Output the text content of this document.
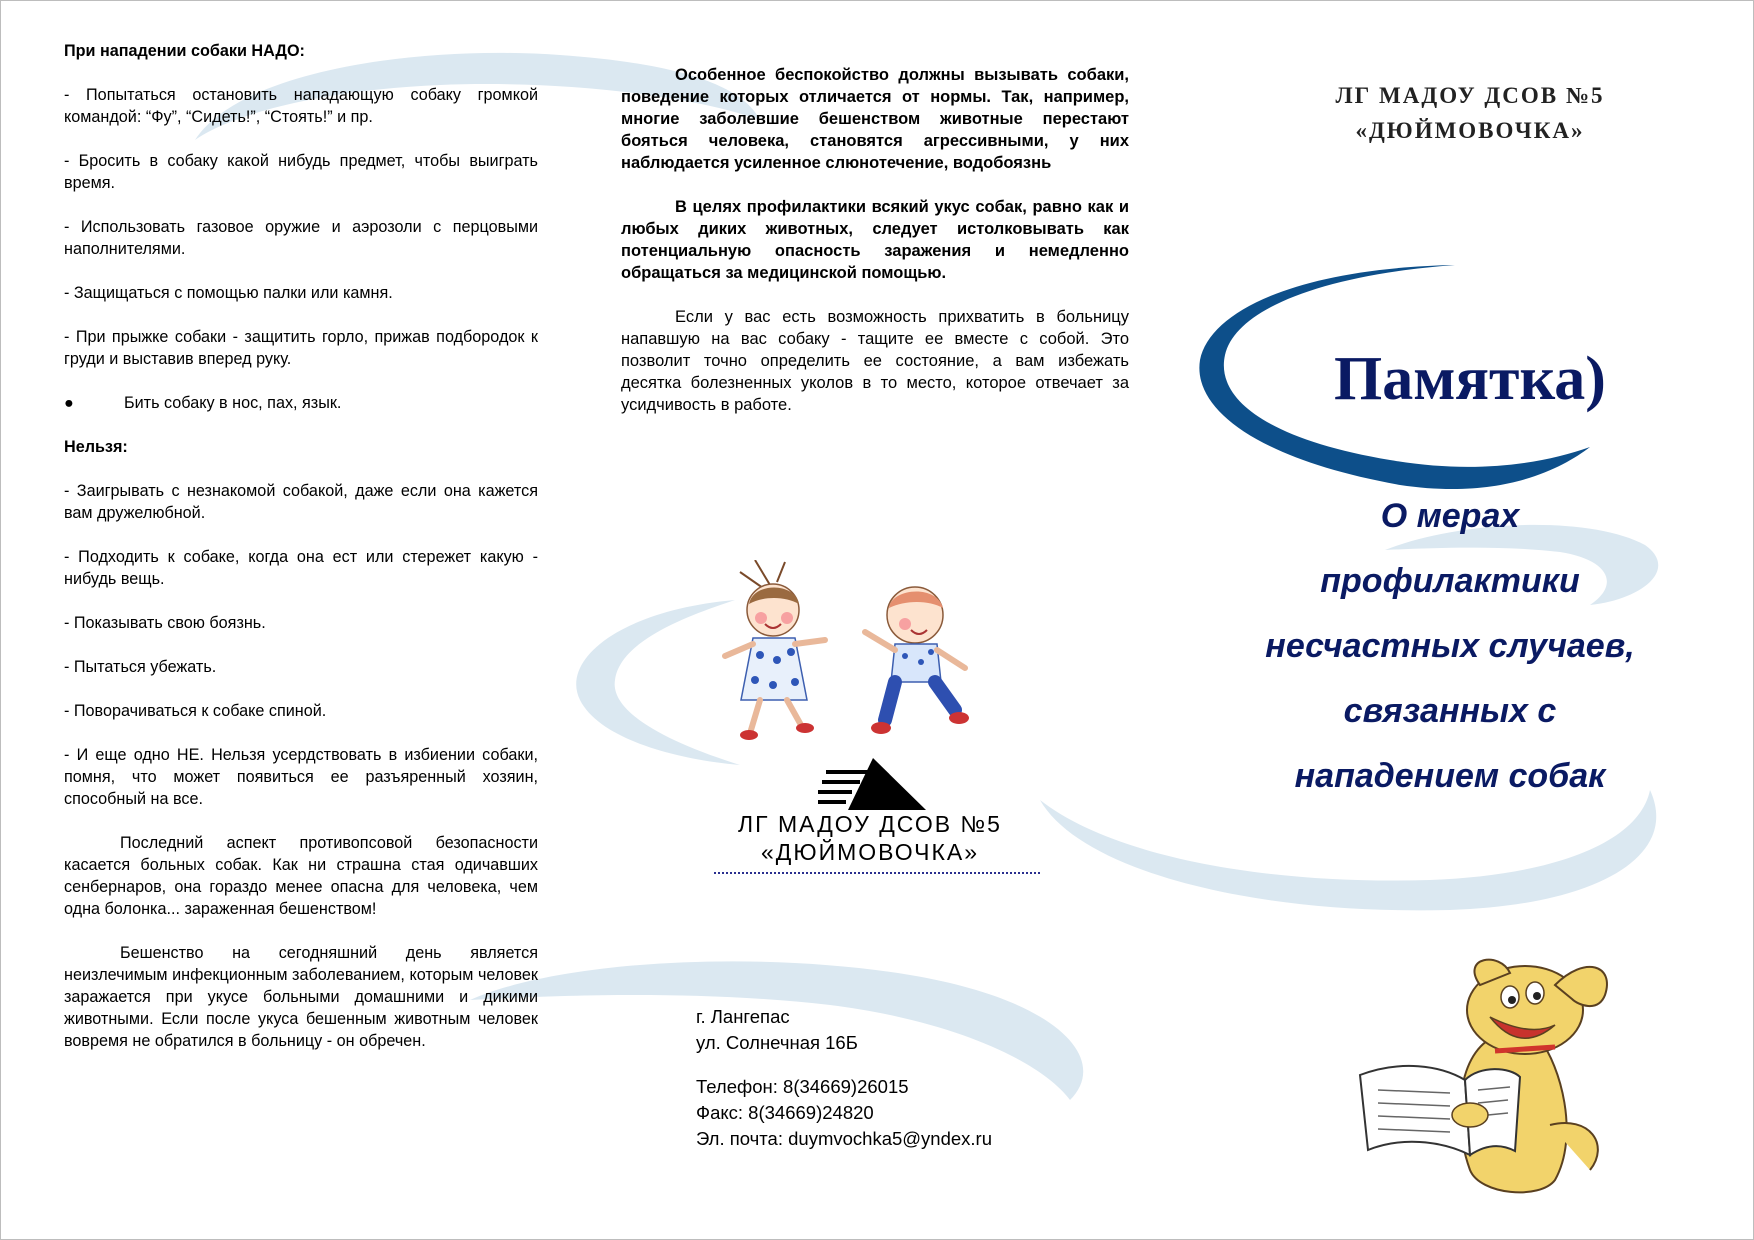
При нападении собаки НАДО:

- Попытаться остановить нападающую собаку громкой командой: “Фу”, “Сидеть!”, “Стоять!” и пр.

- Бросить в собаку какой нибудь предмет, чтобы выиграть время.

- Использовать газовое оружие и аэрозоли с перцовыми наполнителями.

- Защищаться с помощью палки или камня.

- При прыжке собаки - защитить горло, прижав подбородок к груди и выставив вперед руку.

●	Бить собаку в нос, пах, язык.

Нельзя:

- Заигрывать с незнакомой собакой, даже если она кажется вам дружелюбной.

- Подходить к собаке, когда она ест или стережет какую - нибудь вещь.

- Показывать свою боязнь.

- Пытаться убежать.

- Поворачиваться к собаке спиной.

- И еще одно НЕ. Нельзя усердствовать в избиении собаки, помня, что может появиться ее разъяренный хозяин, способный на все.

Последний аспект противопсовой безопасности касается больных собак. Как ни страшна стая одичавших сенбернаров, она гораздо менее опасна для человека, чем одна болонка... зараженная бешенством!

Бешенство на сегодняшний день является неизлечимым инфекционным заболеванием, которым человек заражается при укусе больными домашними и дикими животными. Если после укуса бешенным животным человек вовремя не обратился в больницу - он обречен.

Особенное беспокойство должны вызывать собаки, поведение которых отличается от нормы. Так, например, многие заболевшие бешенством животные перестают бояться человека, становятся агрессивными, у них наблюдается усиленное слюнотечение, водобоязнь

В целях профилактики всякий укус собак, равно как и любых диких животных, следует истолковывать как потенциальную опасность заражения и немедленно обращаться за медицинской помощью.

Если у вас есть возможность прихватить в больницу напавшую на вас собаку - тащите ее вместе с собой. Это позволит точно определить ее состояние, а вам избежать десятка болезненных уколов в то место, которое отвечает за усидчивость в работе.

ЛГ МАДОУ ДСОВ №5
«ДЮЙМОВОЧКА»

г. Лангепас
ул. Солнечная 16Б

Телефон: 8(34669)26015
Факс: 8(34669)24820
Эл. почта: duymvochka5@yndex.ru

ЛГ МАДОУ ДСОВ №5
«ДЮЙМОВОЧКА»
Памятка)
О мерах
профилактики
несчастных случаев,
связанных с
нападением собак
